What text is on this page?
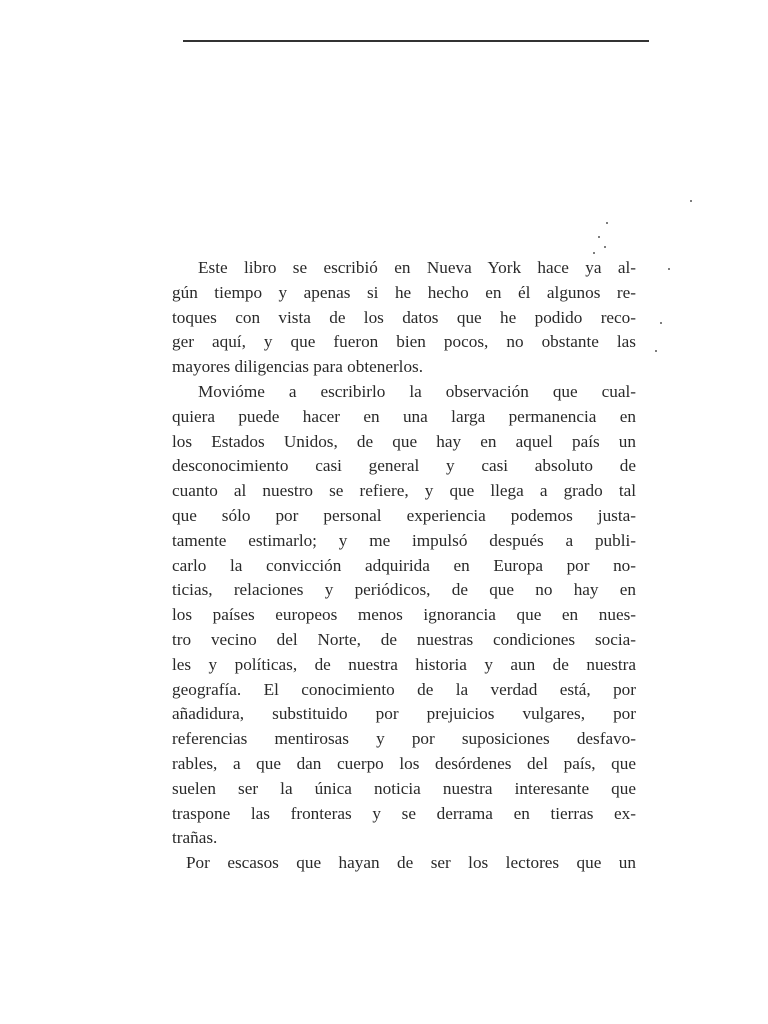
Este libro se escribió en Nueva York hace ya al-
gún tiempo y apenas si he hecho en él algunos re-
toques con vista de los datos que he podido reco-
ger aquí, y que fueron bien pocos, no obstante las
mayores diligencias para obtenerlos.
Movióme a escribirlo la observación que cual-
quiera puede hacer en una larga permanencia en
los Estados Unidos, de que hay en aquel país un
desconocimiento casi general y casi absoluto de
cuanto al nuestro se refiere, y que llega a grado tal
que sólo por personal experiencia podemos justa-
tamente estimarlo; y me impulsó después a publi-
carlo la convicción adquirida en Europa por no-
ticias, relaciones y periódicos, de que no hay en
los países europeos menos ignorancia que en nues-
tro vecino del Norte, de nuestras condiciones socia-
les y políticas, de nuestra historia y aun de nuestra
geografía. El conocimiento de la verdad está, por
añadidura, substituido por prejuicios vulgares, por
referencias mentirosas y por suposiciones desfavo-
rables, a que dan cuerpo los desórdenes del país, que
suelen ser la única noticia nuestra interesante que
traspone las fronteras y se derrama en tierras ex-
trañas.
Por escasos que hayan de ser los lectores que un
